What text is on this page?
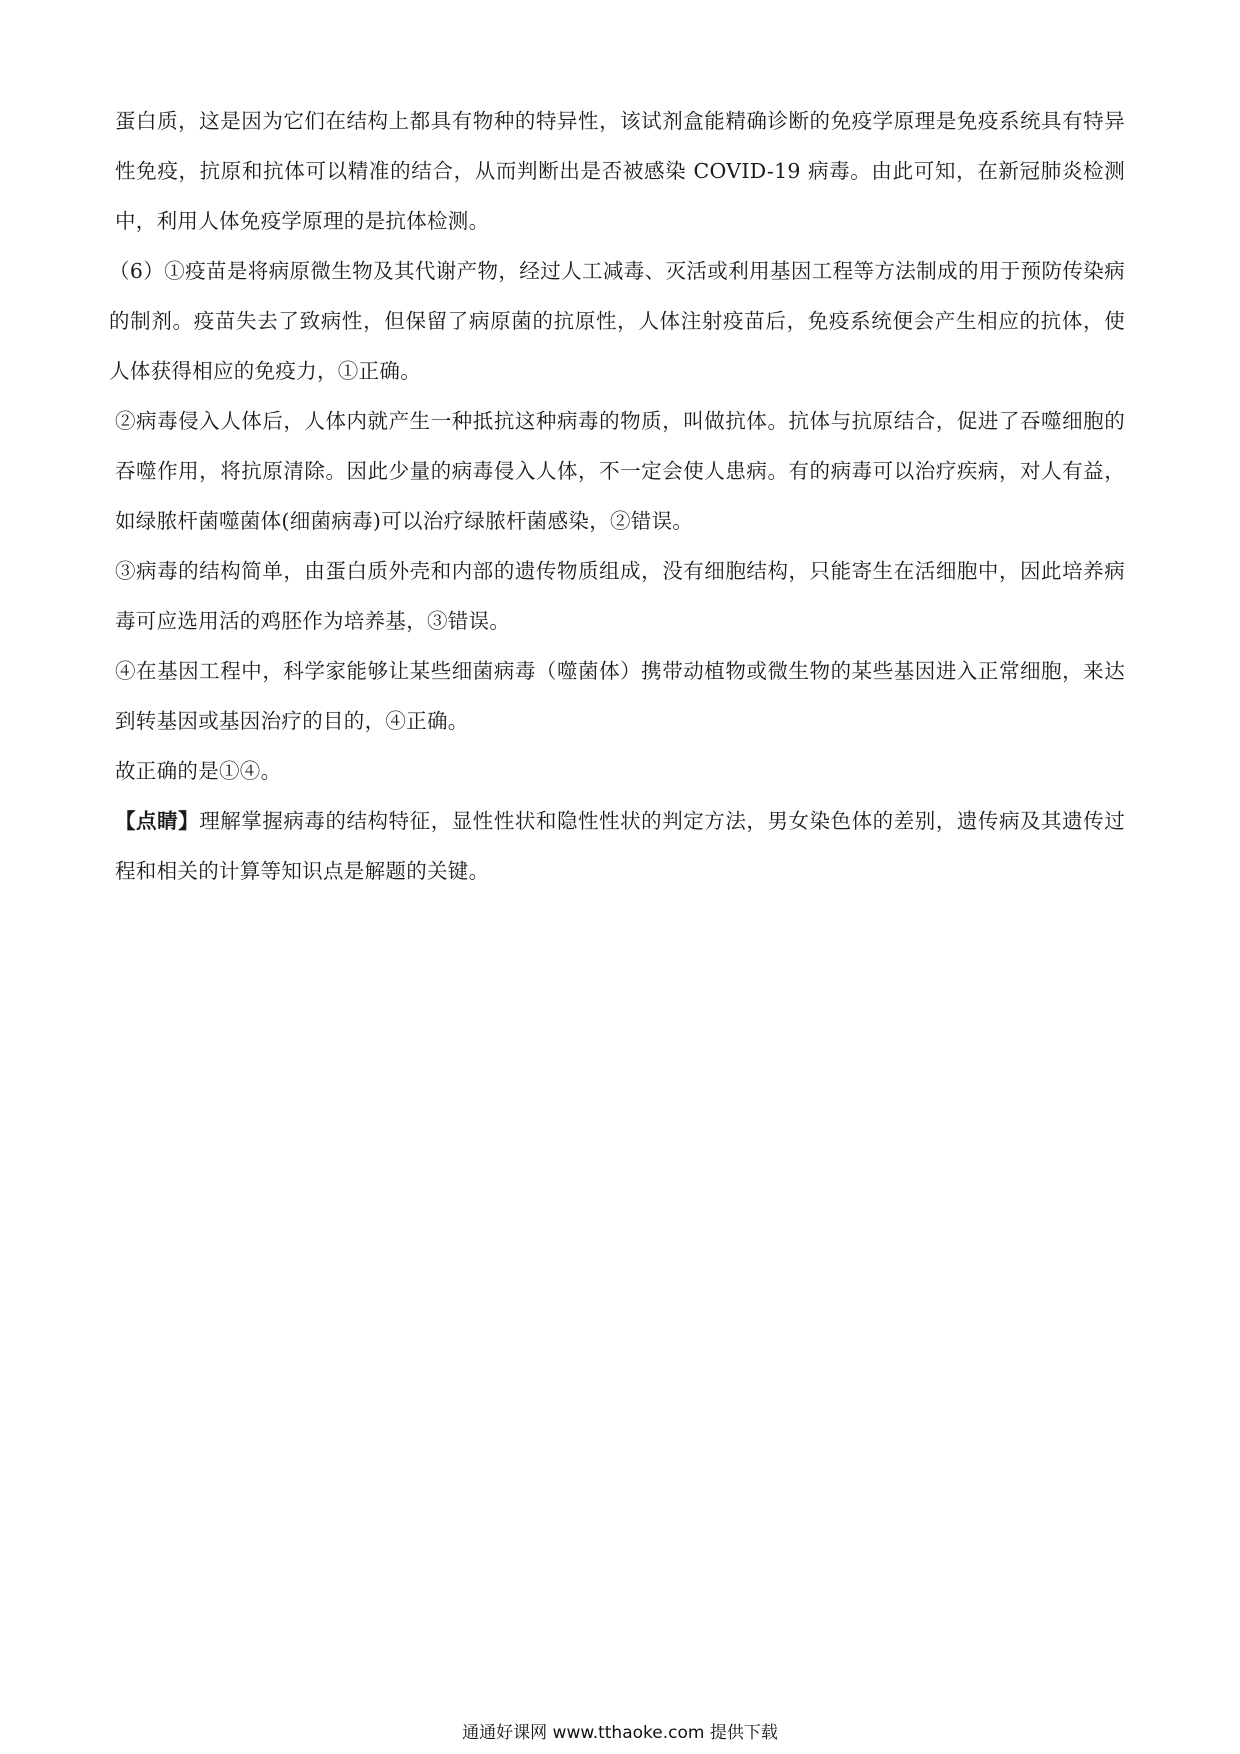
蛋白质，这是因为它们在结构上都具有物种的特异性，该试剂盒能精确诊断的免疫学原理是免疫系统具有特异性免疫，抗原和抗体可以精准的结合，从而判断出是否被感染 COVID-19 病毒。由此可知，在新冠肺炎检测中，利用人体免疫学原理的是抗体检测。

（6）①疫苗是将病原微生物及其代谢产物，经过人工减毒、灭活或利用基因工程等方法制成的用于预防传染病的制剂。疫苗失去了致病性，但保留了病原菌的抗原性，人体注射疫苗后，免疫系统便会产生相应的抗体，使人体获得相应的免疫力，①正确。

②病毒侵入人体后，人体内就产生一种抵抗这种病毒的物质，叫做抗体。抗体与抗原结合，促进了吞噬细胞的吞噬作用，将抗原清除。因此少量的病毒侵入人体，不一定会使人患病。有的病毒可以治疗疾病，对人有益，如绿脓杆菌噬菌体(细菌病毒)可以治疗绿脓杆菌感染，②错误。

③病毒的结构简单，由蛋白质外壳和内部的遗传物质组成，没有细胞结构，只能寄生在活细胞中，因此培养病毒可应选用活的鸡胚作为培养基，③错误。

④在基因工程中，科学家能够让某些细菌病毒（噬菌体）携带动植物或微生物的某些基因进入正常细胞，来达到转基因或基因治疗的目的，④正确。

故正确的是①④。

【点睛】理解掌握病毒的结构特征，显性性状和隐性性状的判定方法，男女染色体的差别，遗传病及其遗传过程和相关的计算等知识点是解题的关键。

通通好课网 www.tthaoke.com 提供下载
